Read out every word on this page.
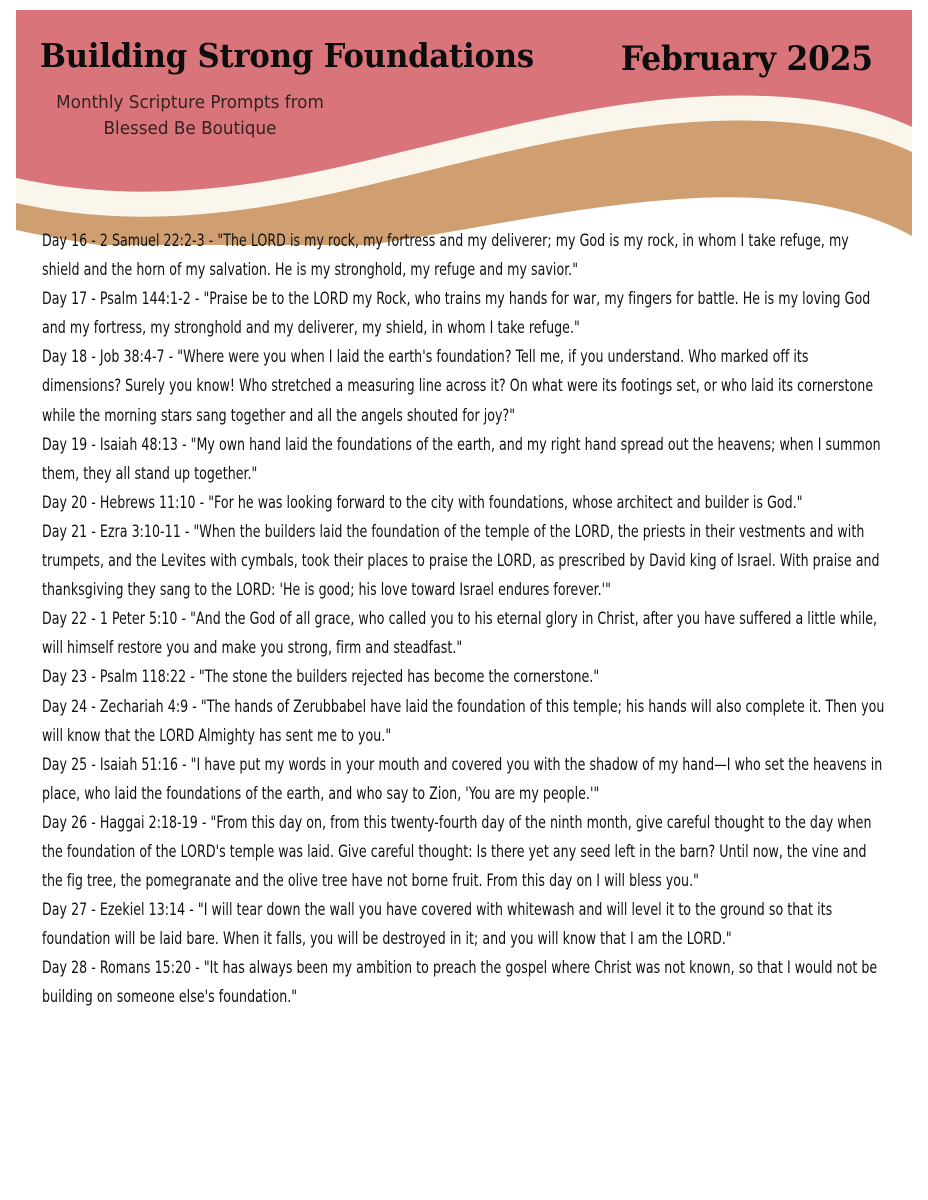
Building Strong Foundations	February 2025
Monthly Scripture Prompts from
Blessed Be Boutique

Day 16 - 2 Samuel 22:2-3 - "The LORD is my rock, my fortress and my deliverer; my God is my rock, in whom I take refuge, my shield and the horn of my salvation. He is my stronghold, my refuge and my savior."

Day 17 - Psalm 144:1-2 - "Praise be to the LORD my Rock, who trains my hands for war, my fingers for battle. He is my loving God and my fortress, my stronghold and my deliverer, my shield, in whom I take refuge."

Day 18 - Job 38:4-7 - "Where were you when I laid the earth's foundation? Tell me, if you understand. Who marked off its dimensions? Surely you know! Who stretched a measuring line across it? On what were its footings set, or who laid its cornerstone while the morning stars sang together and all the angels shouted for joy?"

Day 19 - Isaiah 48:13 - "My own hand laid the foundations of the earth, and my right hand spread out the heavens; when I summon them, they all stand up together."

Day 20 - Hebrews 11:10 - "For he was looking forward to the city with foundations, whose architect and builder is God."

Day 21 - Ezra 3:10-11 - "When the builders laid the foundation of the temple of the LORD, the priests in their vestments and with trumpets, and the Levites with cymbals, took their places to praise the LORD, as prescribed by David king of Israel. With praise and thanksgiving they sang to the LORD: 'He is good; his love toward Israel endures forever.'"

Day 22 - 1 Peter 5:10 - "And the God of all grace, who called you to his eternal glory in Christ, after you have suffered a little while, will himself restore you and make you strong, firm and steadfast."

Day 23 - Psalm 118:22 - "The stone the builders rejected has become the cornerstone."

Day 24 - Zechariah 4:9 - "The hands of Zerubbabel have laid the foundation of this temple; his hands will also complete it. Then you will know that the LORD Almighty has sent me to you."

Day 25 - Isaiah 51:16 - "I have put my words in your mouth and covered you with the shadow of my hand—I who set the heavens in place, who laid the foundations of the earth, and who say to Zion, 'You are my people.'"

Day 26 - Haggai 2:18-19 - "From this day on, from this twenty-fourth day of the ninth month, give careful thought to the day when the foundation of the LORD's temple was laid. Give careful thought: Is there yet any seed left in the barn? Until now, the vine and the fig tree, the pomegranate and the olive tree have not borne fruit. From this day on I will bless you."

Day 27 - Ezekiel 13:14 - "I will tear down the wall you have covered with whitewash and will level it to the ground so that its foundation will be laid bare. When it falls, you will be destroyed in it; and you will know that I am the LORD."

Day 28 - Romans 15:20 - "It has always been my ambition to preach the gospel where Christ was not known, so that I would not be building on someone else's foundation."
